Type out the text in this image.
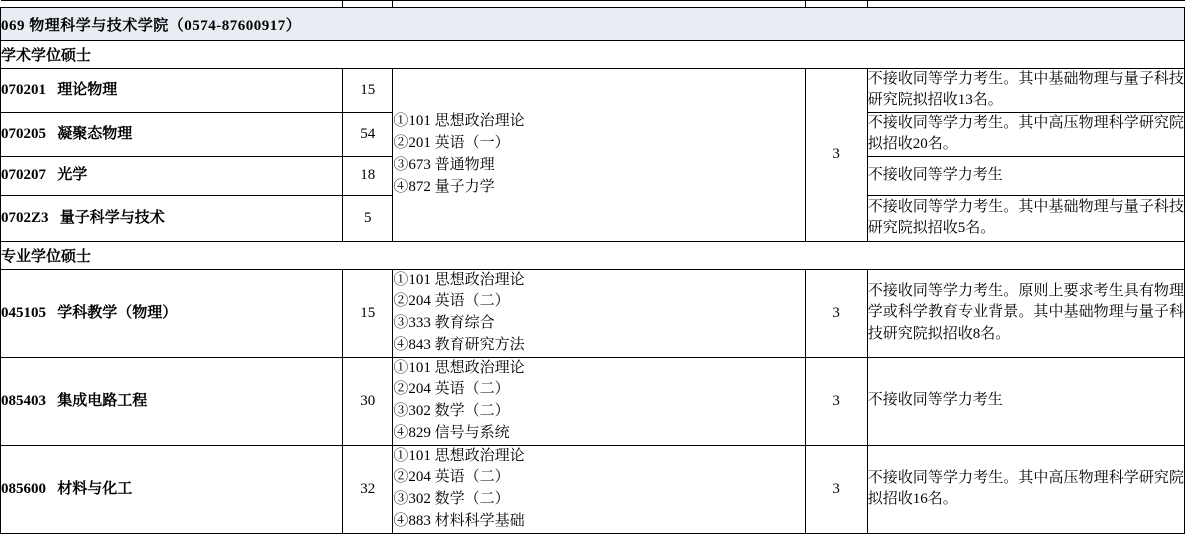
069 物理科学与技术学院（0574-87600917）				
学术学位硕士				
070201 理论物理	15	①101 思想政治理论
②201 英语（一）
③673 普通物理
④872 量子力学	3	不接收同等学力考生。其中基础物理与量子科技研究院拟招收13名。
070205 凝聚态物理	54			不接收同等学力考生。其中高压物理科学研究院拟招收20名。
070207 光学	18			不接收同等学力考生
0702Z3 量子科学与技术	5			不接收同等学力考生。其中基础物理与量子科技研究院拟招收5名。
专业学位硕士				
045105 学科教学（物理）	15	①101 思想政治理论
②204 英语（二）
③333 教育综合
④843 教育研究方法	3	不接收同等学力考生。原则上要求考生具有物理学或科学教育专业背景。其中基础物理与量子科技研究院拟招收8名。
085403 集成电路工程	30	①101 思想政治理论
②204 英语（二）
③302 数学（二）
④829 信号与系统	3	不接收同等学力考生
085600 材料与化工	32	①101 思想政治理论
②204 英语（二）
③302 数学（二）
④883 材料科学基础	3	不接收同等学力考生。其中高压物理科学研究院拟招收16名。
